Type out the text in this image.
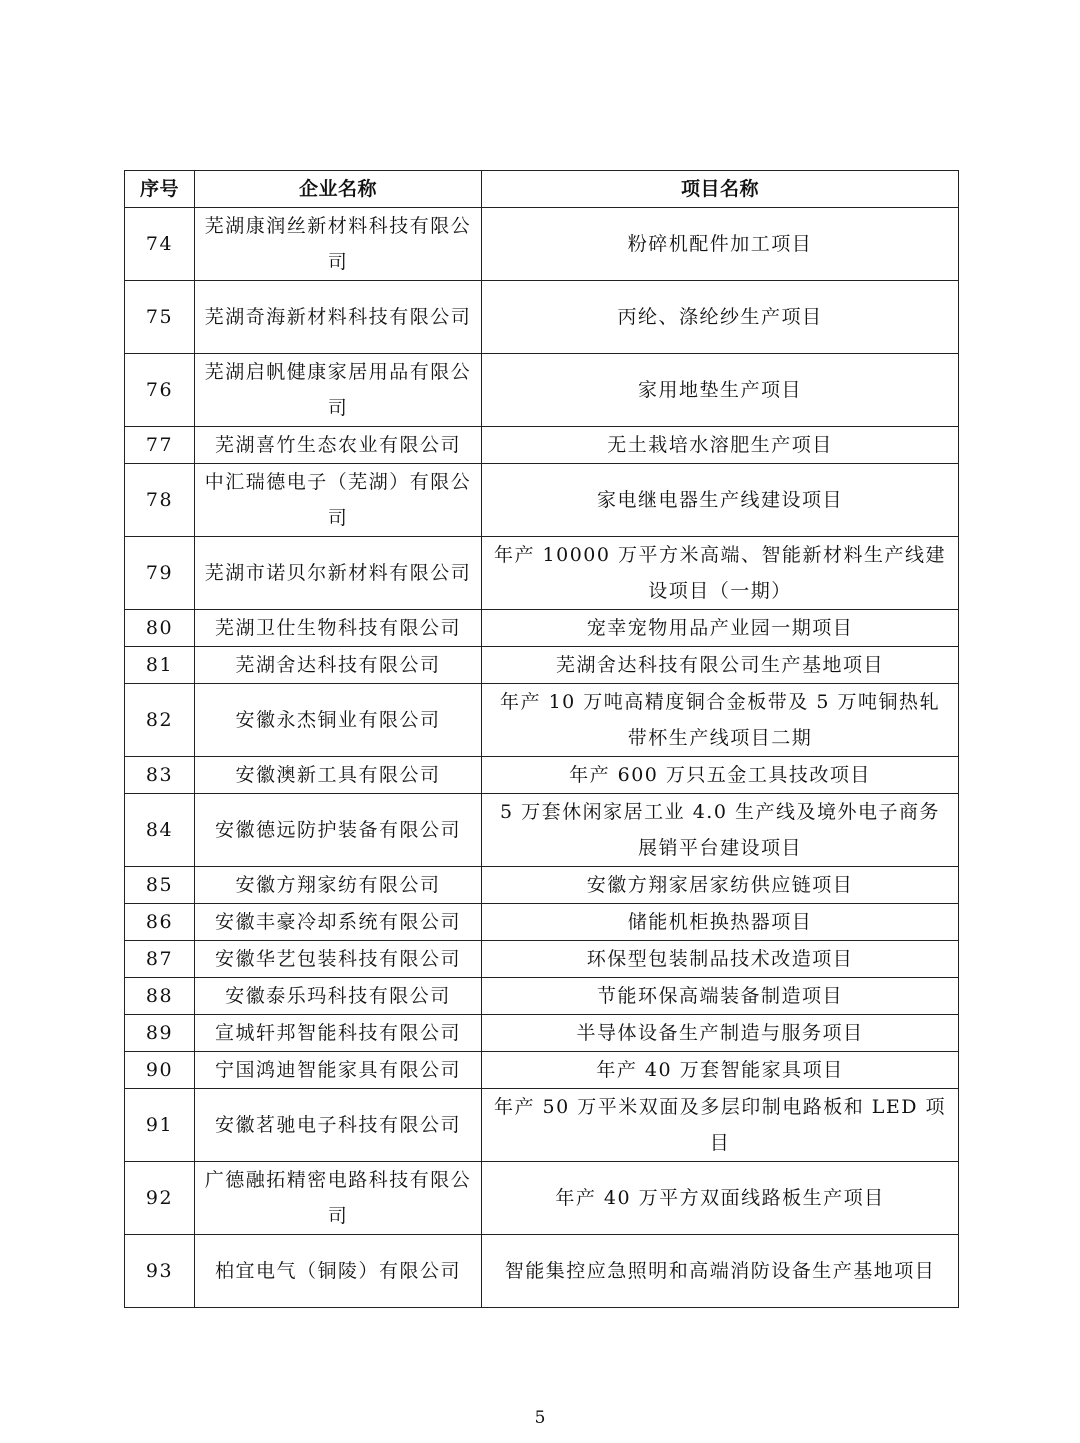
序号	企业名称	项目名称
74	芜湖康润丝新材料科技有限公司	粉碎机配件加工项目
75	芜湖奇海新材料科技有限公司	丙纶、涤纶纱生产项目
76	芜湖启帆健康家居用品有限公司	家用地垫生产项目
77	芜湖喜竹生态农业有限公司	无土栽培水溶肥生产项目
78	中汇瑞德电子（芜湖）有限公司	家电继电器生产线建设项目
79	芜湖市诺贝尔新材料有限公司	年产 10000 万平方米高端、智能新材料生产线建设项目（一期）
80	芜湖卫仕生物科技有限公司	宠幸宠物用品产业园一期项目
81	芜湖舍达科技有限公司	芜湖舍达科技有限公司生产基地项目
82	安徽永杰铜业有限公司	年产 10 万吨高精度铜合金板带及 5 万吨铜热轧带杯生产线项目二期
83	安徽澳新工具有限公司	年产 600 万只五金工具技改项目
84	安徽德远防护装备有限公司	5 万套休闲家居工业 4.0 生产线及境外电子商务展销平台建设项目
85	安徽方翔家纺有限公司	安徽方翔家居家纺供应链项目
86	安徽丰豪冷却系统有限公司	储能机柜换热器项目
87	安徽华艺包装科技有限公司	环保型包装制品技术改造项目
88	安徽泰乐玛科技有限公司	节能环保高端装备制造项目
89	宣城轩邦智能科技有限公司	半导体设备生产制造与服务项目
90	宁国鸿迪智能家具有限公司	年产 40 万套智能家具项目
91	安徽茗驰电子科技有限公司	年产 50 万平米双面及多层印制电路板和 LED 项目
92	广德融拓精密电路科技有限公司	年产 40 万平方双面线路板生产项目
93	柏宜电气（铜陵）有限公司	智能集控应急照明和高端消防设备生产基地项目
5
